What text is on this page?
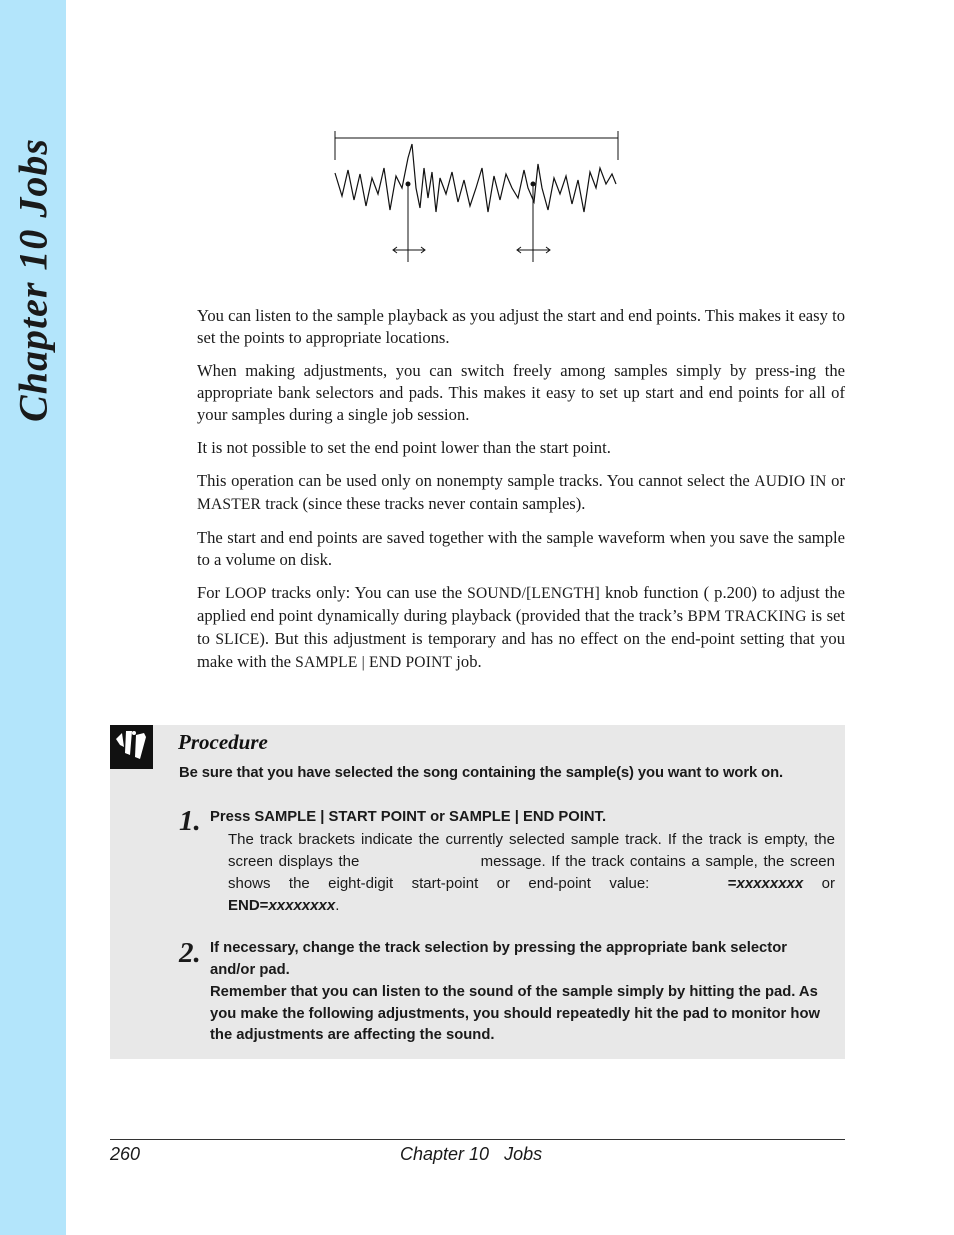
Chapter 10 Jobs	You can listen to the sample playback as you adjust the start and end points. This makes it easy to set the points to appropriate locations.

When making adjustments, you can switch freely among samples simply by press-ing the appropriate bank selectors and pads. This makes it easy to set up start and end points for all of your samples during a single job session.

It is not possible to set the end point lower than the start point.

This operation can be used only on nonempty sample tracks. You cannot select the AUDIO IN or MASTER track (since these tracks never contain samples).

The start and end points are saved together with the sample waveform when you save the sample to a volume on disk.

For LOOP tracks only: You can use the SOUND/[LENGTH] knob function ( p.200) to adjust the applied end point dynamically during playback (provided that the track’s BPM TRACKING is set to SLICE). But this adjustment is temporary and has no effect on the end-point setting that you make with the SAMPLE | END POINT job.

Procedure
Be sure that you have selected the song containing the sample(s) you want to work on.
1. Press SAMPLE | START POINT or SAMPLE | END POINT.
The track brackets indicate the currently selected sample track. If the track is empty, the screen displays the	message. If the track contains a sample, the screen shows the eight-digit start-point or end-point value:	=xxxxxxxx or END=xxxxxxxx.
2. If necessary, change the track selection by pressing the appropriate bank selector and/or pad.
Remember that you can listen to the sound of the sample simply by hitting the pad. As you make the following adjustments, you should repeatedly hit the pad to monitor how the adjustments are affecting the sound.
260	Chapter 10   Jobs
